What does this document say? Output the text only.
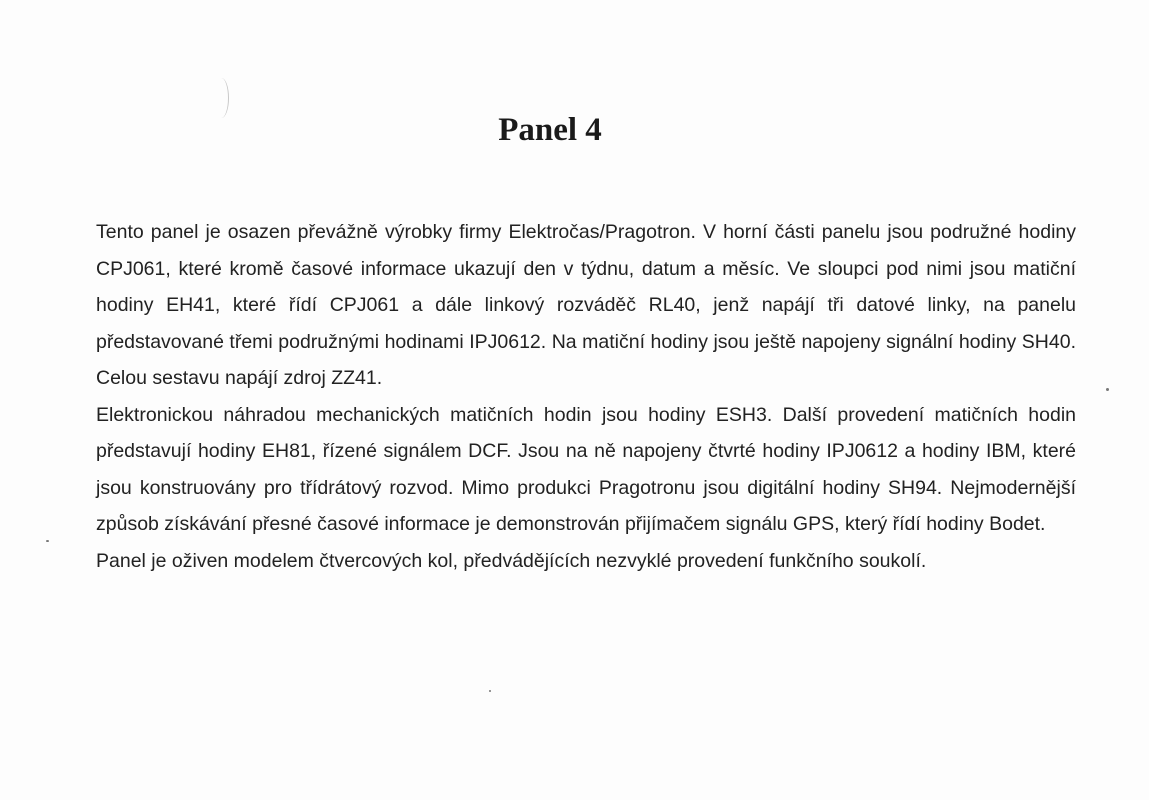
Panel 4

Tento panel je osazen převážně výrobky firmy Elektročas/Pragotron. V horní části panelu jsou podružné hodiny CPJ061, které kromě časové informace ukazují den v týdnu, datum a měsíc. Ve sloupci pod nimi jsou matiční hodiny EH41, které řídí CPJ061 a dále linkový rozváděč RL40, jenž napájí tři datové linky, na panelu představované třemi podružnými hodinami IPJ0612. Na matiční hodiny jsou ještě napojeny signální hodiny SH40. Celou sestavu napájí zdroj ZZ41.

Elektronickou náhradou mechanických matičních hodin jsou hodiny ESH3. Další provedení matičních hodin představují hodiny EH81, řízené signálem DCF. Jsou na ně napojeny čtvrté hodiny IPJ0612 a hodiny IBM, které jsou konstruovány pro třídrátový rozvod. Mimo produkci Pragotronu jsou digitální hodiny SH94. Nejmodernější způsob získávání přesné časové informace je demonstrován přijímačem signálu GPS, který řídí hodiny Bodet.

Panel je oživen modelem čtvercových kol, předvádějících nezvyklé provedení funkčního soukolí.
